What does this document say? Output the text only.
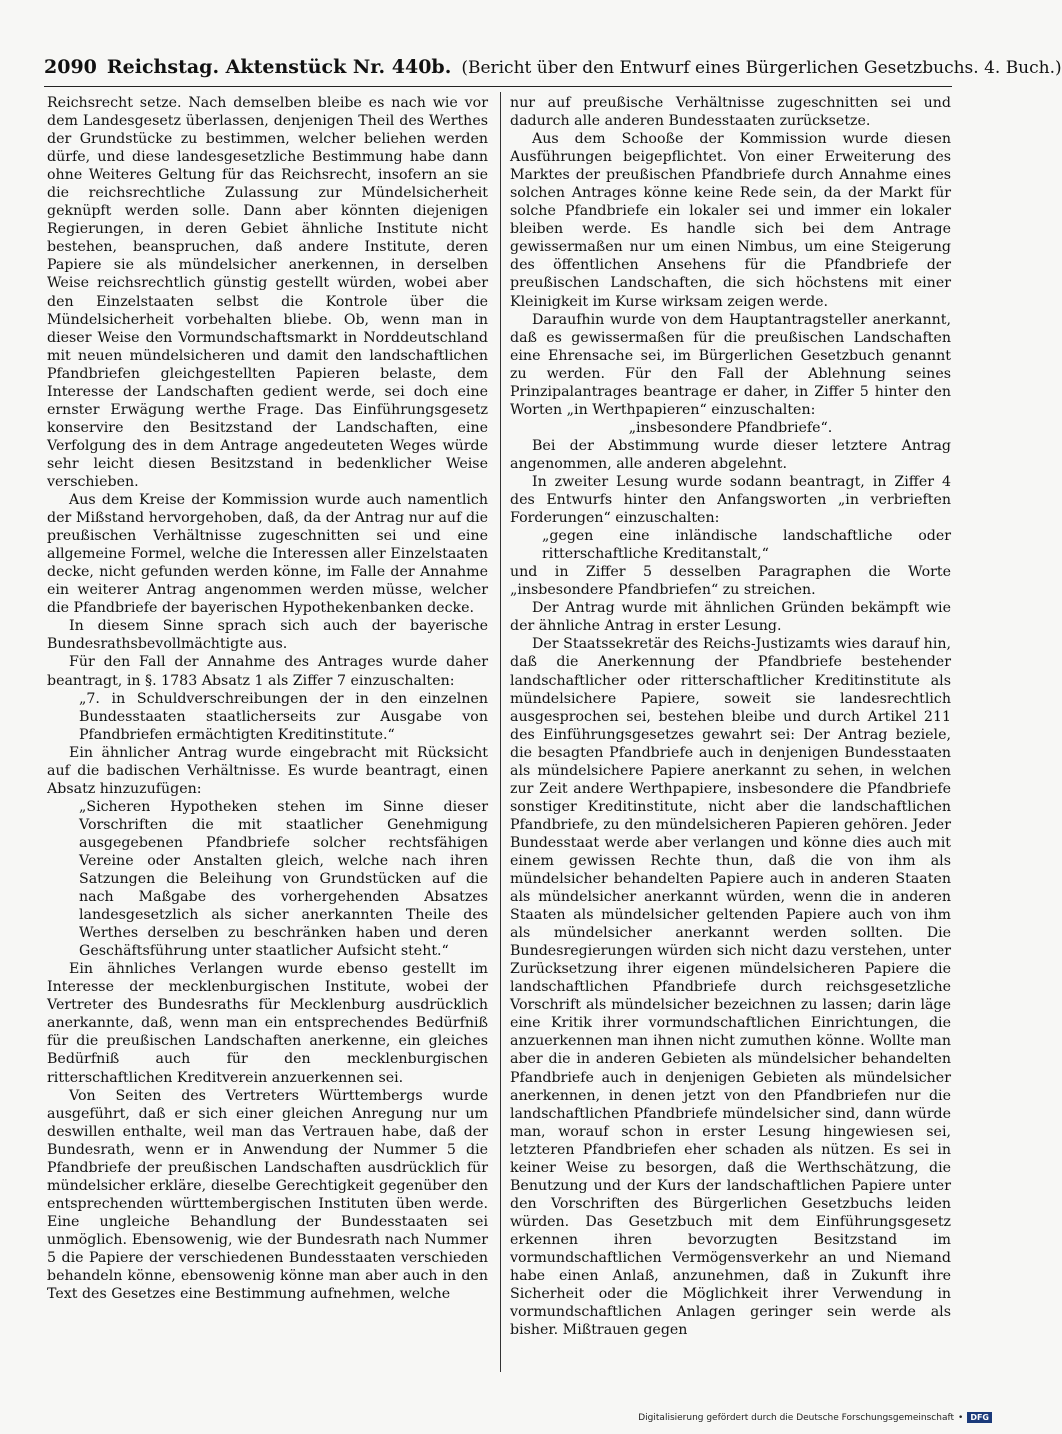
2090 Reichstag. Aktenstück Nr. 440b. (Bericht über den Entwurf eines Bürgerlichen Gesetzbuchs. 4. Buch.)

Reichsrecht setze. Nach demselben bleibe es nach wie vor dem Landesgesetz überlassen, denjenigen Theil des Werthes der Grundstücke zu bestimmen, welcher beliehen werden dürfe, und diese landesgesetzliche Bestimmung habe dann ohne Weiteres Geltung für das Reichsrecht, insofern an sie die reichsrechtliche Zulassung zur Mündelsicherheit geknüpft werden solle. Dann aber könnten diejenigen Regierungen, in deren Gebiet ähnliche Institute nicht bestehen, beanspruchen, daß andere Institute, deren Papiere sie als mündelsicher anerkennen, in derselben Weise reichsrechtlich günstig gestellt würden, wobei aber den Einzelstaaten selbst die Kontrole über die Mündelsicherheit vorbehalten bliebe. Ob, wenn man in dieser Weise den Vormundschaftsmarkt in Norddeutschland mit neuen mündelsicheren und damit den landschaftlichen Pfandbriefen gleichgestellten Papieren belaste, dem Interesse der Landschaften gedient werde, sei doch eine ernster Erwägung werthe Frage. Das Einführungsgesetz konservire den Besitzstand der Landschaften, eine Verfolgung des in dem Antrage angedeuteten Weges würde sehr leicht diesen Besitzstand in bedenklicher Weise verschieben.

Aus dem Kreise der Kommission wurde auch namentlich der Mißstand hervorgehoben, daß, da der Antrag nur auf die preußischen Verhältnisse zugeschnitten sei und eine allgemeine Formel, welche die Interessen aller Einzelstaaten decke, nicht gefunden werden könne, im Falle der Annahme ein weiterer Antrag angenommen werden müsse, welcher die Pfandbriefe der bayerischen Hypothekenbanken decke.

In diesem Sinne sprach sich auch der bayerische Bundesrathsbevollmächtigte aus.

Für den Fall der Annahme des Antrages wurde daher beantragt, in §. 1783 Absatz 1 als Ziffer 7 einzuschalten:

„7. in Schuldverschreibungen der in den einzelnen Bundesstaaten staatlicherseits zur Ausgabe von Pfandbriefen ermächtigten Kreditinstitute.“

Ein ähnlicher Antrag wurde eingebracht mit Rücksicht auf die badischen Verhältnisse. Es wurde beantragt, einen Absatz hinzuzufügen:

„Sicheren Hypotheken stehen im Sinne dieser Vorschriften die mit staatlicher Genehmigung ausgegebenen Pfandbriefe solcher rechtsfähigen Vereine oder Anstalten gleich, welche nach ihren Satzungen die Beleihung von Grundstücken auf die nach Maßgabe des vorhergehenden Absatzes landesgesetzlich als sicher anerkannten Theile des Werthes derselben zu beschränken haben und deren Geschäftsführung unter staatlicher Aufsicht steht.“

Ein ähnliches Verlangen wurde ebenso gestellt im Interesse der mecklenburgischen Institute, wobei der Vertreter des Bundesraths für Mecklenburg ausdrücklich anerkannte, daß, wenn man ein entsprechendes Bedürfniß für die preußischen Landschaften anerkenne, ein gleiches Bedürfniß auch für den mecklenburgischen ritterschaftlichen Kreditverein anzuerkennen sei.

Von Seiten des Vertreters Württembergs wurde ausgeführt, daß er sich einer gleichen Anregung nur um deswillen enthalte, weil man das Vertrauen habe, daß der Bundesrath, wenn er in Anwendung der Nummer 5 die Pfandbriefe der preußischen Landschaften ausdrücklich für mündelsicher erkläre, dieselbe Gerechtigkeit gegenüber den entsprechenden württembergischen Instituten üben werde. Eine ungleiche Behandlung der Bundesstaaten sei unmöglich. Ebensowenig, wie der Bundesrath nach Nummer 5 die Papiere der verschiedenen Bundesstaaten verschieden behandeln könne, ebensowenig könne man aber auch in den Text des Gesetzes eine Bestimmung aufnehmen, welche

nur auf preußische Verhältnisse zugeschnitten sei und dadurch alle anderen Bundesstaaten zurücksetze.

Aus dem Schooße der Kommission wurde diesen Ausführungen beigepflichtet. Von einer Erweiterung des Marktes der preußischen Pfandbriefe durch Annahme eines solchen Antrages könne keine Rede sein, da der Markt für solche Pfandbriefe ein lokaler sei und immer ein lokaler bleiben werde. Es handle sich bei dem Antrage gewissermaßen nur um einen Nimbus, um eine Steigerung des öffentlichen Ansehens für die Pfandbriefe der preußischen Landschaften, die sich höchstens mit einer Kleinigkeit im Kurse wirksam zeigen werde.

Daraufhin wurde von dem Hauptantragsteller anerkannt, daß es gewissermaßen für die preußischen Landschaften eine Ehrensache sei, im Bürgerlichen Gesetzbuch genannt zu werden. Für den Fall der Ablehnung seines Prinzipalantrages beantrage er daher, in Ziffer 5 hinter den Worten „in Werthpapieren“ einzuschalten:

„insbesondere Pfandbriefe“.

Bei der Abstimmung wurde dieser letztere Antrag angenommen, alle anderen abgelehnt.

In zweiter Lesung wurde sodann beantragt, in Ziffer 4 des Entwurfs hinter den Anfangsworten „in verbrieften Forderungen“ einzuschalten:

„gegen eine inländische landschaftliche oder ritterschaftliche Kreditanstalt,“

und in Ziffer 5 desselben Paragraphen die Worte „insbesondere Pfandbriefen“ zu streichen.

Der Antrag wurde mit ähnlichen Gründen bekämpft wie der ähnliche Antrag in erster Lesung.

Der Staatssekretär des Reichs-Justizamts wies darauf hin, daß die Anerkennung der Pfandbriefe bestehender landschaftlicher oder ritterschaftlicher Kreditinstitute als mündelsichere Papiere, soweit sie landesrechtlich ausgesprochen sei, bestehen bleibe und durch Artikel 211 des Einführungsgesetzes gewahrt sei: Der Antrag beziele, die besagten Pfandbriefe auch in denjenigen Bundesstaaten als mündelsichere Papiere anerkannt zu sehen, in welchen zur Zeit andere Werthpapiere, insbesondere die Pfandbriefe sonstiger Kreditinstitute, nicht aber die landschaftlichen Pfandbriefe, zu den mündelsicheren Papieren gehören. Jeder Bundesstaat werde aber verlangen und könne dies auch mit einem gewissen Rechte thun, daß die von ihm als mündelsicher behandelten Papiere auch in anderen Staaten als mündelsicher anerkannt würden, wenn die in anderen Staaten als mündelsicher geltenden Papiere auch von ihm als mündelsicher anerkannt werden sollten. Die Bundesregierungen würden sich nicht dazu verstehen, unter Zurücksetzung ihrer eigenen mündelsicheren Papiere die landschaftlichen Pfandbriefe durch reichsgesetzliche Vorschrift als mündelsicher bezeichnen zu lassen; darin läge eine Kritik ihrer vormundschaftlichen Einrichtungen, die anzuerkennen man ihnen nicht zumuthen könne. Wollte man aber die in anderen Gebieten als mündelsicher behandelten Pfandbriefe auch in denjenigen Gebieten als mündelsicher anerkennen, in denen jetzt von den Pfandbriefen nur die landschaftlichen Pfandbriefe mündelsicher sind, dann würde man, worauf schon in erster Lesung hingewiesen sei, letzteren Pfandbriefen eher schaden als nützen. Es sei in keiner Weise zu besorgen, daß die Werthschätzung, die Benutzung und der Kurs der landschaftlichen Papiere unter den Vorschriften des Bürgerlichen Gesetzbuchs leiden würden. Das Gesetzbuch mit dem Einführungsgesetz erkennen ihren bevorzugten Besitzstand im vormundschaftlichen Vermögensverkehr an und Niemand habe einen Anlaß, anzunehmen, daß in Zukunft ihre Sicherheit oder die Möglichkeit ihrer Verwendung in vormundschaftlichen Anlagen geringer sein werde als bisher. Mißtrauen gegen

Digitalisierung gefördert durch die Deutsche Forschungsgemeinschaft • DFG
